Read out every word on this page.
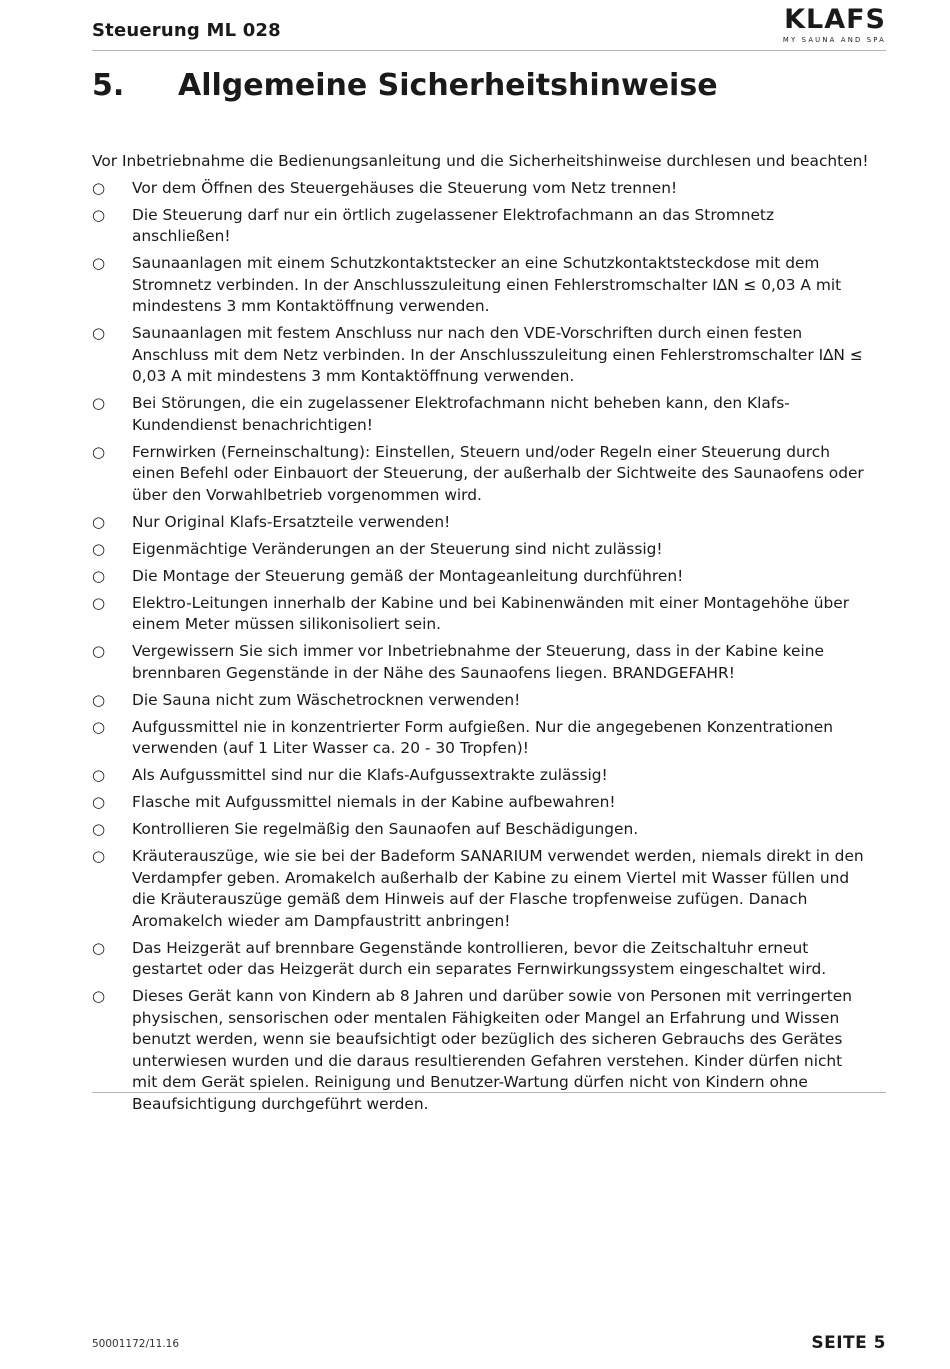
Steuerung ML 028	KLAFS
MY SAUNA AND SPA
5. Allgemeine Sicherheitshinweise

Vor Inbetriebnahme die Bedienungsanleitung und die Sicherheitshinweise durchlesen und beachten!

○ Vor dem Öffnen des Steuergehäuses die Steuerung vom Netz trennen!
○ Die Steuerung darf nur ein örtlich zugelassener Elektrofachmann an das Stromnetz anschließen!
○ Saunaanlagen mit einem Schutzkontaktstecker an eine Schutzkontaktsteckdose mit dem Stromnetz verbinden. In der Anschlusszuleitung einen Fehlerstromschalter I∆N ≤ 0,03 A mit mindestens 3 mm Kontaktöffnung verwenden.
○ Saunaanlagen mit festem Anschluss nur nach den VDE-Vorschriften durch einen festen Anschluss mit dem Netz verbinden. In der Anschlusszuleitung einen Fehlerstromschalter I∆N ≤ 0,03 A mit mindestens 3 mm Kontaktöffnung verwenden.
○ Bei Störungen, die ein zugelassener Elektrofachmann nicht beheben kann, den Klafs-Kundendienst benachrichtigen!
○ Fernwirken (Ferneinschaltung): Einstellen, Steuern und/oder Regeln einer Steuerung durch einen Befehl oder Einbauort der Steuerung, der außerhalb der Sichtweite des Saunaofens oder über den Vorwahlbetrieb vorgenommen wird.
○ Nur Original Klafs-Ersatzteile verwenden!
○ Eigenmächtige Veränderungen an der Steuerung sind nicht zulässig!
○ Die Montage der Steuerung gemäß der Montageanleitung durchführen!
○ Elektro-Leitungen innerhalb der Kabine und bei Kabinenwänden mit einer Montagehöhe über einem Meter müssen silikonisoliert sein.
○ Vergewissern Sie sich immer vor Inbetriebnahme der Steuerung, dass in der Kabine keine brennbaren Gegenstände in der Nähe des Saunaofens liegen. BRANDGEFAHR!
○ Die Sauna nicht zum Wäschetrocknen verwenden!
○ Aufgussmittel nie in konzentrierter Form aufgießen. Nur die angegebenen Konzentrationen verwenden (auf 1 Liter Wasser ca. 20 - 30 Tropfen)!
○ Als Aufgussmittel sind nur die Klafs-Aufgussextrakte zulässig!
○ Flasche mit Aufgussmittel niemals in der Kabine aufbewahren!
○ Kontrollieren Sie regelmäßig den Saunaofen auf Beschädigungen.
○ Kräuterauszüge, wie sie bei der Badeform SANARIUM verwendet werden, niemals direkt in den Verdampfer geben. Aromakelch außerhalb der Kabine zu einem Viertel mit Wasser füllen und die Kräuterauszüge gemäß dem Hinweis auf der Flasche tropfenweise zufügen. Danach Aromakelch wieder am Dampfaustritt anbringen!
○ Das Heizgerät auf brennbare Gegenstände kontrollieren, bevor die Zeitschaltuhr erneut gestartet oder das Heizgerät durch ein separates Fernwirkungssystem eingeschaltet wird.
○ Dieses Gerät kann von Kindern ab 8 Jahren und darüber sowie von Personen mit verringerten physischen, sensorischen oder mentalen Fähigkeiten oder Mangel an Erfahrung und Wissen benutzt werden, wenn sie beaufsichtigt oder bezüglich des sicheren Gebrauchs des Gerätes unterwiesen wurden und die daraus resultierenden Gefahren verstehen. Kinder dürfen nicht mit dem Gerät spielen. Reinigung und Benutzer-Wartung dürfen nicht von Kindern ohne Beaufsichtigung durchgeführt werden.
50001172/11.16	SEITE 5
